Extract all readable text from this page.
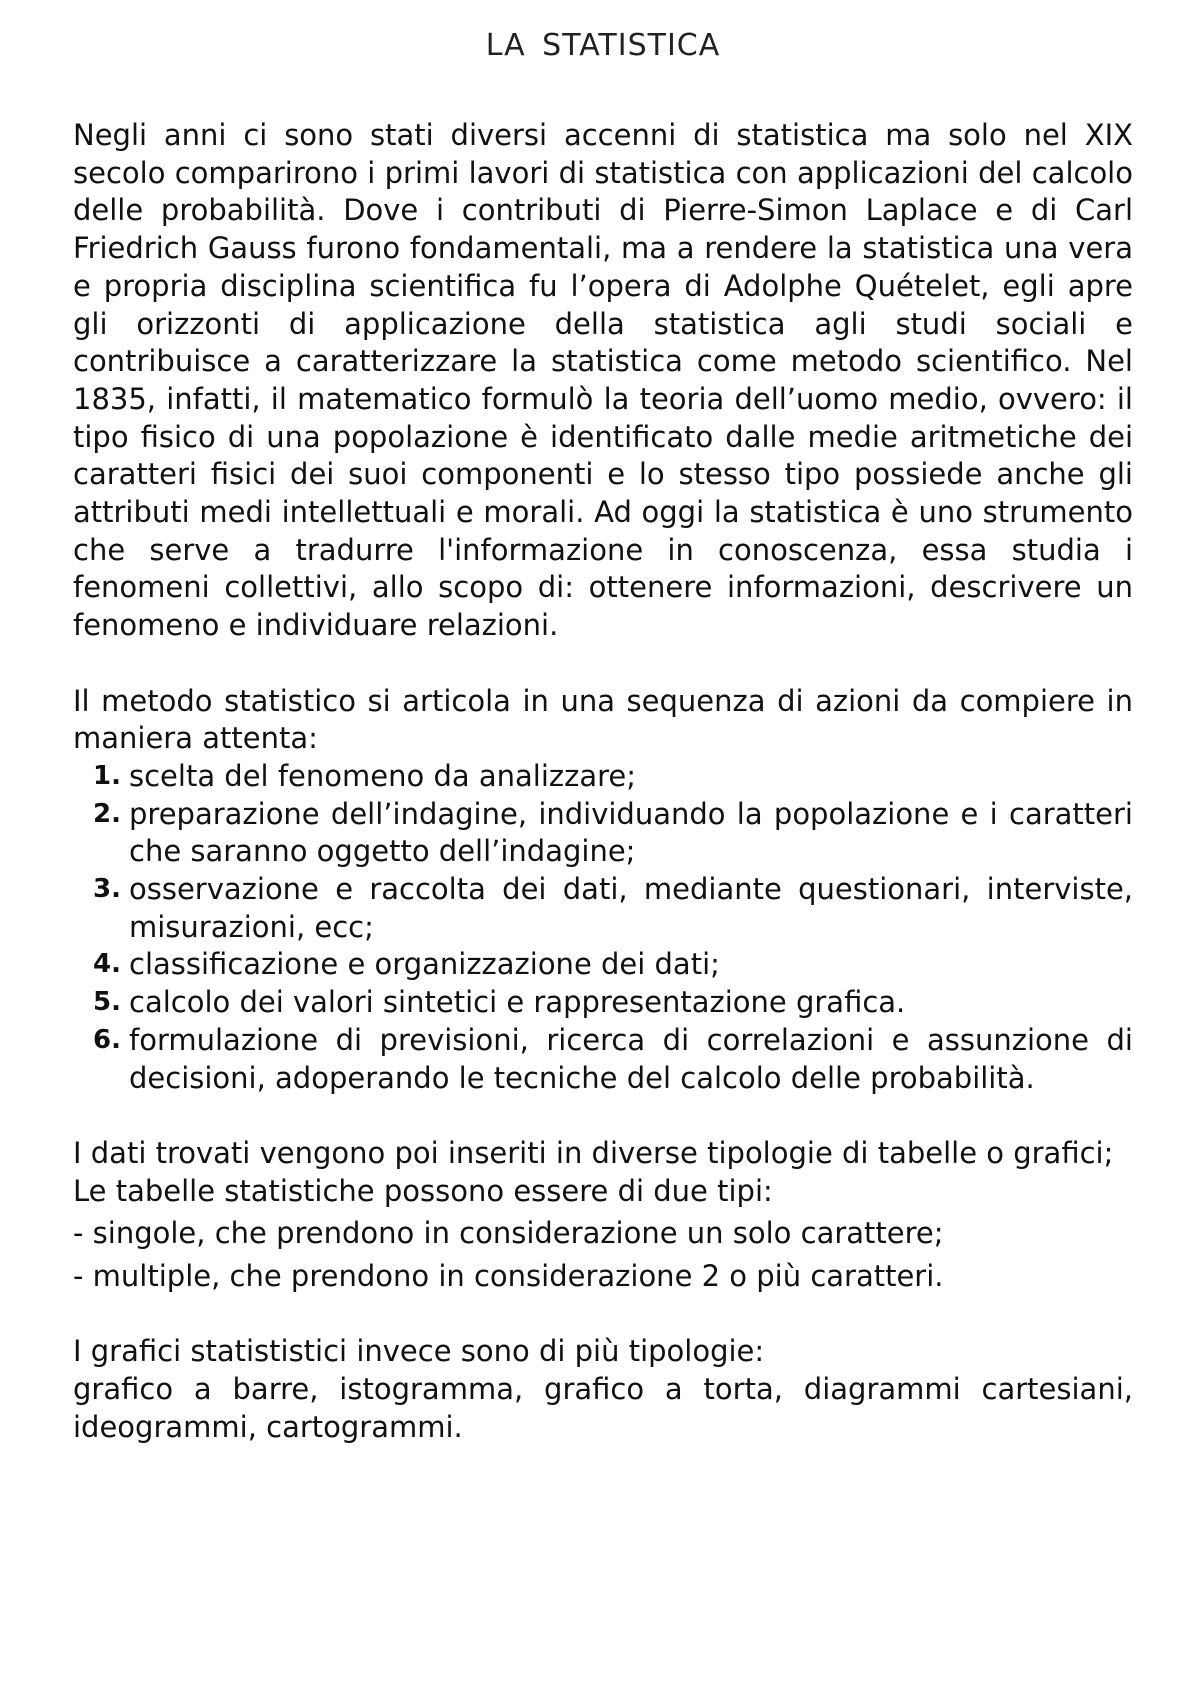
LA STATISTICA

Negli anni ci sono stati diversi accenni di statistica ma solo nel XIX secolo comparirono i primi lavori di statistica con applicazioni del calcolo delle probabilità. Dove i contributi di Pierre-Simon Laplace e di Carl Friedrich Gauss furono fondamentali, ma a rendere la statistica una vera e propria disciplina scientifica fu l’opera di Adolphe Quételet, egli apre gli orizzonti di applicazione della statistica agli studi sociali e contribuisce a caratterizzare la statistica come metodo scientifico. Nel 1835, infatti, il matematico formulò la teoria dell’uomo medio, ovvero: il tipo fisico di una popolazione è identificato dalle medie aritmetiche dei caratteri fisici dei suoi componenti e lo stesso tipo possiede anche gli attributi medi intellettuali e morali. Ad oggi la statistica è uno strumento che serve a tradurre l'informazione in conoscenza, essa studia i fenomeni collettivi, allo scopo di: ottenere informazioni, descrivere un fenomeno e individuare relazioni.

Il metodo statistico si articola in una sequenza di azioni da compiere in maniera attenta:

1. scelta del fenomeno da analizzare;
2. preparazione dell’indagine, individuando la popolazione e i caratteri che saranno oggetto dell’indagine;
3. osservazione e raccolta dei dati, mediante questionari, interviste, misurazioni, ecc;
4. classificazione e organizzazione dei dati;
5. calcolo dei valori sintetici e rappresentazione grafica.
6. formulazione di previsioni, ricerca di correlazioni e assunzione di decisioni, adoperando le tecniche del calcolo delle probabilità.

I dati trovati vengono poi inseriti in diverse tipologie di tabelle o grafici;

Le tabelle statistiche possono essere di due tipi:

- singole, che prendono in considerazione un solo carattere;

- multiple, che prendono in considerazione 2 o più caratteri.

I grafici statististici invece sono di più tipologie:

grafico a barre, istogramma, grafico a torta, diagrammi cartesiani, ideogrammi, cartogrammi.
